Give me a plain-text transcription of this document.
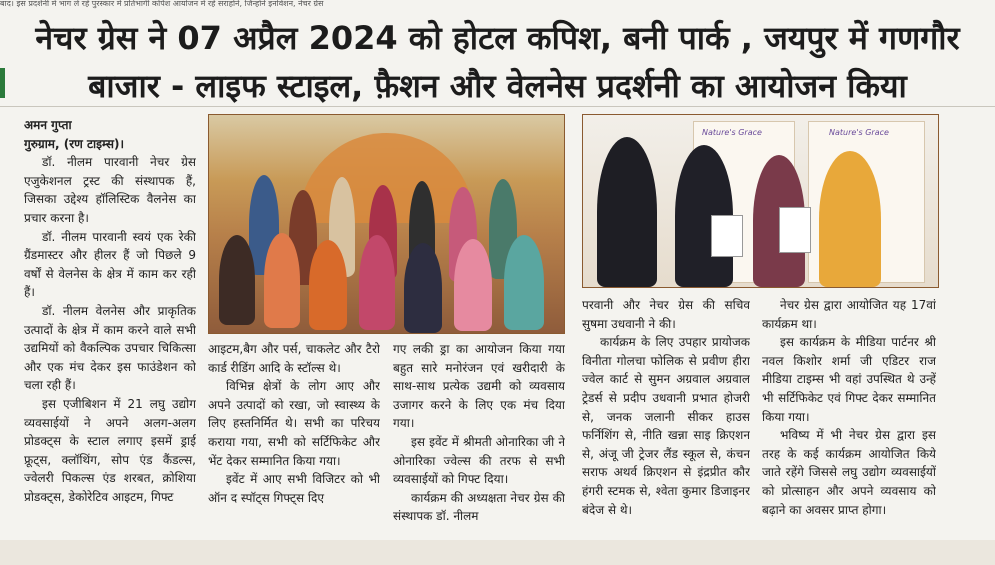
बाद। इस प्रदर्शनी में भाग ले रहे पुरस्कार में प्रतिभागी कपिश आयोजन में रहे सराहोने, जिन्होंने इनोवेशन, नेचर ग्रेस
नेचर ग्रेस ने 07 अप्रैल 2024 को होटल कपिश, बनी पार्क , जयपुर में गणगौर
बाजार - लाइफ स्टाइल, फ़ैशन और वेलनेस प्रदर्शनी का आयोजन किया

अमन गुप्ता

गुरुग्राम, (रण टाइम्स)।

डॉ. नीलम पारवानी नेचर ग्रेस एजुकेशनल ट्रस्ट की संस्थापक हैं, जिसका उद्देश्य हॉलिस्टिक वैलनेस का प्रचार करना है।

डॉ. नीलम पारवानी स्वयं एक रेकी ग्रैंडमास्टर और हीलर हैं जो पिछले 9 वर्षों से वेलनेस के क्षेत्र में काम कर रही हैं।

डॉ. नीलम वेलनेस और प्राकृतिक उत्पादों के क्षेत्र में काम करने वाले सभी उद्यमियों को वैकल्पिक उपचार चिकित्सा और एक मंच देकर इस फाउंडेशन को चला रही हैं।

इस एजीबिशन में 21 लघु उद्योग व्यवसाईयों ने अपने अलग-अलग प्रोडक्ट्स के स्टाल लगाए इसमें ड्राई फ्रूट्स, क्लॉथिंग, सोप एंड कैंडल्स, ज्वेलरी पिकल्स एंड शरबत, क्रोशिया प्रोडक्ट्स, डेकोरेटिव आइटम, गिफ्ट

Nature's Grace	Nature's Grace

आइटम,बैग और पर्स, चाकलेट और टैरो कार्ड रीडिंग आदि के स्टॉल्स थे।

विभिन्न क्षेत्रों के लोग आए और अपने उत्पादों को रखा, जो स्वास्थ्य के लिए हस्तनिर्मित थे। सभी का परिचय कराया गया, सभी को सर्टिफिकेट और भेंट देकर सम्मानित किया गया।

इवेंट में आए सभी विजिटर को भी ऑन द स्पॉट्स गिफ्ट्स दिए

गए लकी ड्रा का आयोजन किया गया बहुत सारे मनोरंजन एवं खरीदारी के साथ-साथ प्रत्येक उद्यमी को व्यवसाय उजागर करने के लिए एक मंच दिया गया।

इस इवेंट में श्रीमती ओनारिका जी ने ओनारिका ज्वेल्स की तरफ से सभी व्यवसाईयों को गिफ्ट दिया।

कार्यक्रम की अध्यक्षता नेचर ग्रेस की संस्थापक डॉ. नीलम

परवानी और नेचर ग्रेस की सचिव सुषमा उधवानी ने की।

कार्यक्रम के लिए उपहार प्रायोजक विनीता गोलचा फोलिक से प्रवीण हीरा ज्वेल कार्ट से सुमन अग्रवाल अग्रवाल ट्रेडर्स से प्रदीप उधवानी प्रभात होजरी से, जनक जलानी सीकर हाउस फर्निशिंग से, नीति खन्ना साइ क्रिएशन से, अंजू जी ट्रेजर लैंड स्कूल से, कंचन सराफ अथर्व क्रिएशन से इंद्रप्रीत कौर हंगरी स्टमक से, श्वेता कुमार डिजाइनर बंदेज से थे।

नेचर ग्रेस द्वारा आयोजित यह 17वां कार्यक्रम था।

इस कार्यक्रम के मीडिया पार्टनर श्री नवल किशोर शर्मा जी एडिटर राज मीडिया टाइम्स भी वहां उपस्थित थे उन्हें भी सर्टिफिकेट एवं गिफ्ट देकर सम्मानित किया गया।

भविष्य में भी नेचर ग्रेस द्वारा इस तरह के कई कार्यक्रम आयोजित किये जाते रहेंगे जिससे लघु उद्योग व्यवसाईयों को प्रोत्साहन और अपने व्यवसाय को बढ़ाने का अवसर प्राप्त होगा।
